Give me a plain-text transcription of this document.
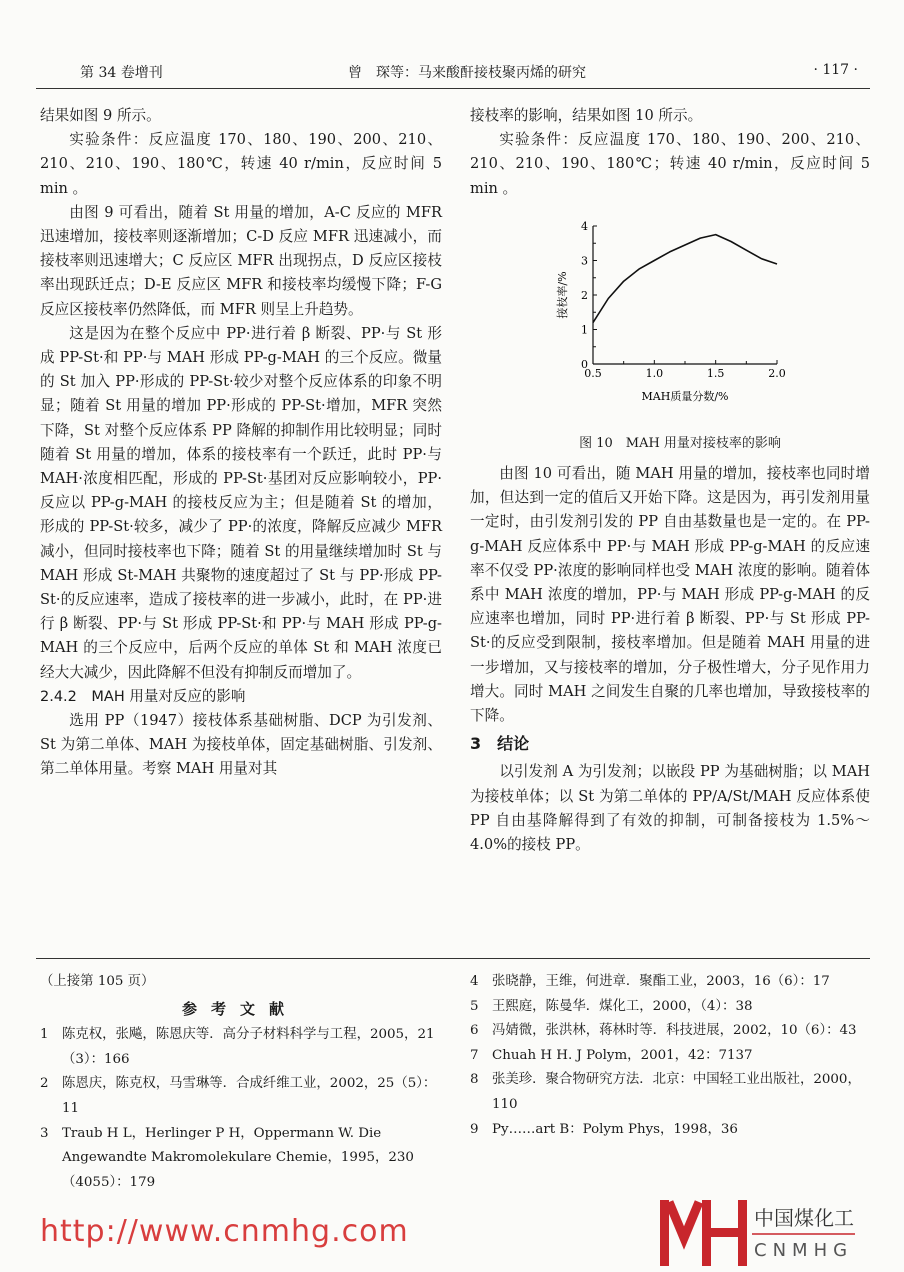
第 34 卷增刊	曾　琛等：马来酸酐接枝聚丙烯的研究	· 117 ·

结果如图 9 所示。

实验条件：反应温度 170、180、190、200、210、210、210、190、180℃，转速 40 r/min，反应时间 5 min 。

由图 9 可看出，随着 St 用量的增加，A-C 反应的 MFR 迅速增加，接枝率则逐渐增加；C-D 反应 MFR 迅速减小，而接枝率则迅速增大；C 反应区 MFR 出现拐点，D 反应区接枝率出现跃迁点；D-E 反应区 MFR 和接枝率均缓慢下降；F-G 反应区接枝率仍然降低，而 MFR 则呈上升趋势。

这是因为在整个反应中 PP·进行着 β 断裂、PP·与 St 形成 PP-St·和 PP·与 MAH 形成 PP-g-MAH 的三个反应。微量的 St 加入 PP·形成的 PP-St·较少对整个反应体系的印象不明显；随着 St 用量的增加 PP·形成的 PP-St·增加，MFR 突然下降，St 对整个反应体系 PP 降解的抑制作用比较明显；同时随着 St 用量的增加，体系的接枝率有一个跃迁，此时 PP·与 MAH·浓度相匹配，形成的 PP-St·基团对反应影响较小，PP·反应以 PP-g-MAH 的接枝反应为主；但是随着 St 的增加，形成的 PP-St·较多，减少了 PP·的浓度，降解反应减少 MFR 减小，但同时接枝率也下降；随着 St 的用量继续增加时 St 与 MAH 形成 St-MAH 共聚物的速度超过了 St 与 PP·形成 PP-St·的反应速率，造成了接枝率的进一步减小，此时，在 PP·进行 β 断裂、PP·与 St 形成 PP-St·和 PP·与 MAH 形成 PP-g-MAH 的三个反应中，后两个反应的单体 St 和 MAH 浓度已经大大减少，因此降解不但没有抑制反而增加了。

2.4.2　MAH 用量对反应的影响

选用 PP（1947）接枝体系基础树脂、DCP 为引发剂、St 为第二单体、MAH 为接枝单体，固定基础树脂、引发剂、第二单体用量。考察 MAH 用量对其

接枝率的影响，结果如图 10 所示。

实验条件：反应温度 170、180、190、200、210、210、210、190、180℃；转速 40 r/min，反应时间 5 min 。

0
1
2
3
4
0.5	1.0	1.5	2.0
MAH质量分数/%
接枝率/%
图 10　MAH 用量对接枝率的影响

由图 10 可看出，随 MAH 用量的增加，接枝率也同时增加，但达到一定的值后又开始下降。这是因为，再引发剂用量一定时，由引发剂引发的 PP 自由基数量也是一定的。在 PP-g-MAH 反应体系中 PP·与 MAH 形成 PP-g-MAH 的反应速率不仅受 PP·浓度的影响同样也受 MAH 浓度的影响。随着体系中 MAH 浓度的增加，PP·与 MAH 形成 PP-g-MAH 的反应速率也增加，同时 PP·进行着 β 断裂、PP·与 St 形成 PP-St·的反应受到限制，接枝率增加。但是随着 MAH 用量的进一步增加，又与接枝率的增加，分子极性增大，分子见作用力增大。同时 MAH 之间发生自聚的几率也增加，导致接枝率的下降。

3　结论

以引发剂 A 为引发剂；以嵌段 PP 为基础树脂；以 MAH 为接枝单体；以 St 为第二单体的 PP/A/St/MAH 反应体系使 PP 自由基降解得到了有效的抑制，可制备接枝为 1.5%～4.0%的接枝 PP。

（上接第 105 页）
参考文献
1 陈克权，张飚，陈恩庆等．高分子材料科学与工程，2005，21（3）：166
2 陈恩庆，陈克权，马雪琳等．合成纤维工业，2002，25（5）：11
3 Traub H L，Herlinger P H，Oppermann W. Die Angewandte Makromolekulare Chemie，1995，230（4055）：179
4 张晓静，王维，何进章．聚酯工业，2003，16（6）：17
5 王熙庭，陈曼华．煤化工，2000，（4）：38
6 冯婧微，张洪林，蒋林时等．科技进展，2002，10（6）：43
7 Chuah H H. J Polym，2001，42：7137
8 张美珍．聚合物研究方法．北京：中国轻工业出版社，2000，110
9 Py……art B：Polym Phys，1998，36
http://www.cnmhg.com	中国煤化工
CNMHG
